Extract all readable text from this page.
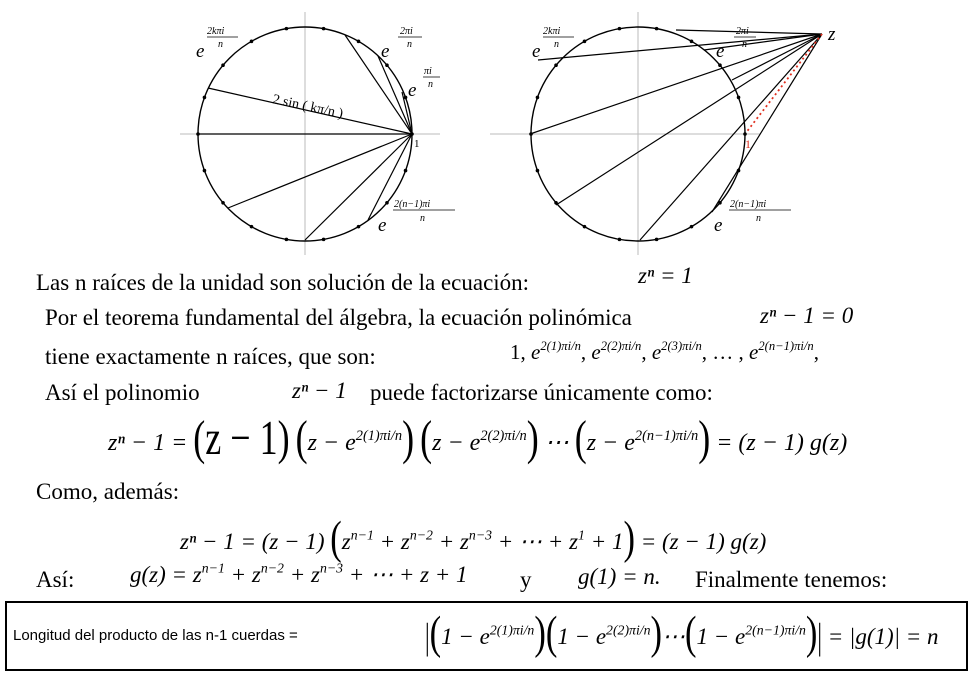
1
2 sin ( kπ/n )
e
2kπi
n	e
2πi
n
e
πi
n
e
2(n−1)πi
n
1
z
e
2kπi
n	e
2πi
n
e
2(n−1)πi
n
Las n raíces de la unidad son solución de la ecuación:	zⁿ = 1
Por el teorema fundamental del álgebra, la ecuación polinómica	zⁿ − 1 = 0
tiene exactamente n raíces, que son:	1, $e^{2(1)\pi i/n}$, $e^{2(2)\pi i/n}$, $e^{2(3)\pi i/n}$, … , $e^{2(n-1)\pi i/n}$,
Así el polinomio	zⁿ − 1 puede factorizarse únicamente como:
zⁿ − 1 = (z − 1) $(z - e^{2(1)\pi i/n})$ $(z - e^{2(2)\pi i/n})$ ⋯ $(z - e^{2(n-1)\pi i/n}) = (z - 1)$ g(z)
Como, además:
zⁿ − 1 = (z − 1) ($z^{n-1} + z^{n-2} + z^{n-3}$ + ⋯ + $z^1 + 1) = (z - 1)$ g(z)
Así: $g(z) = z^{n-1} + z^{n-2} + z^{n-3}$ + ⋯ + z + 1 y g(1) = n. Finalmente tenemos:
Longitud del producto de las n-1 cuerdas =	$|(1 - e^{2(1)\pi i/n})(1$ − $e^{2(2)\pi i/n})\cdots(1 - e^{2(n-1)\pi i/n})| = |g(1)| = n$
